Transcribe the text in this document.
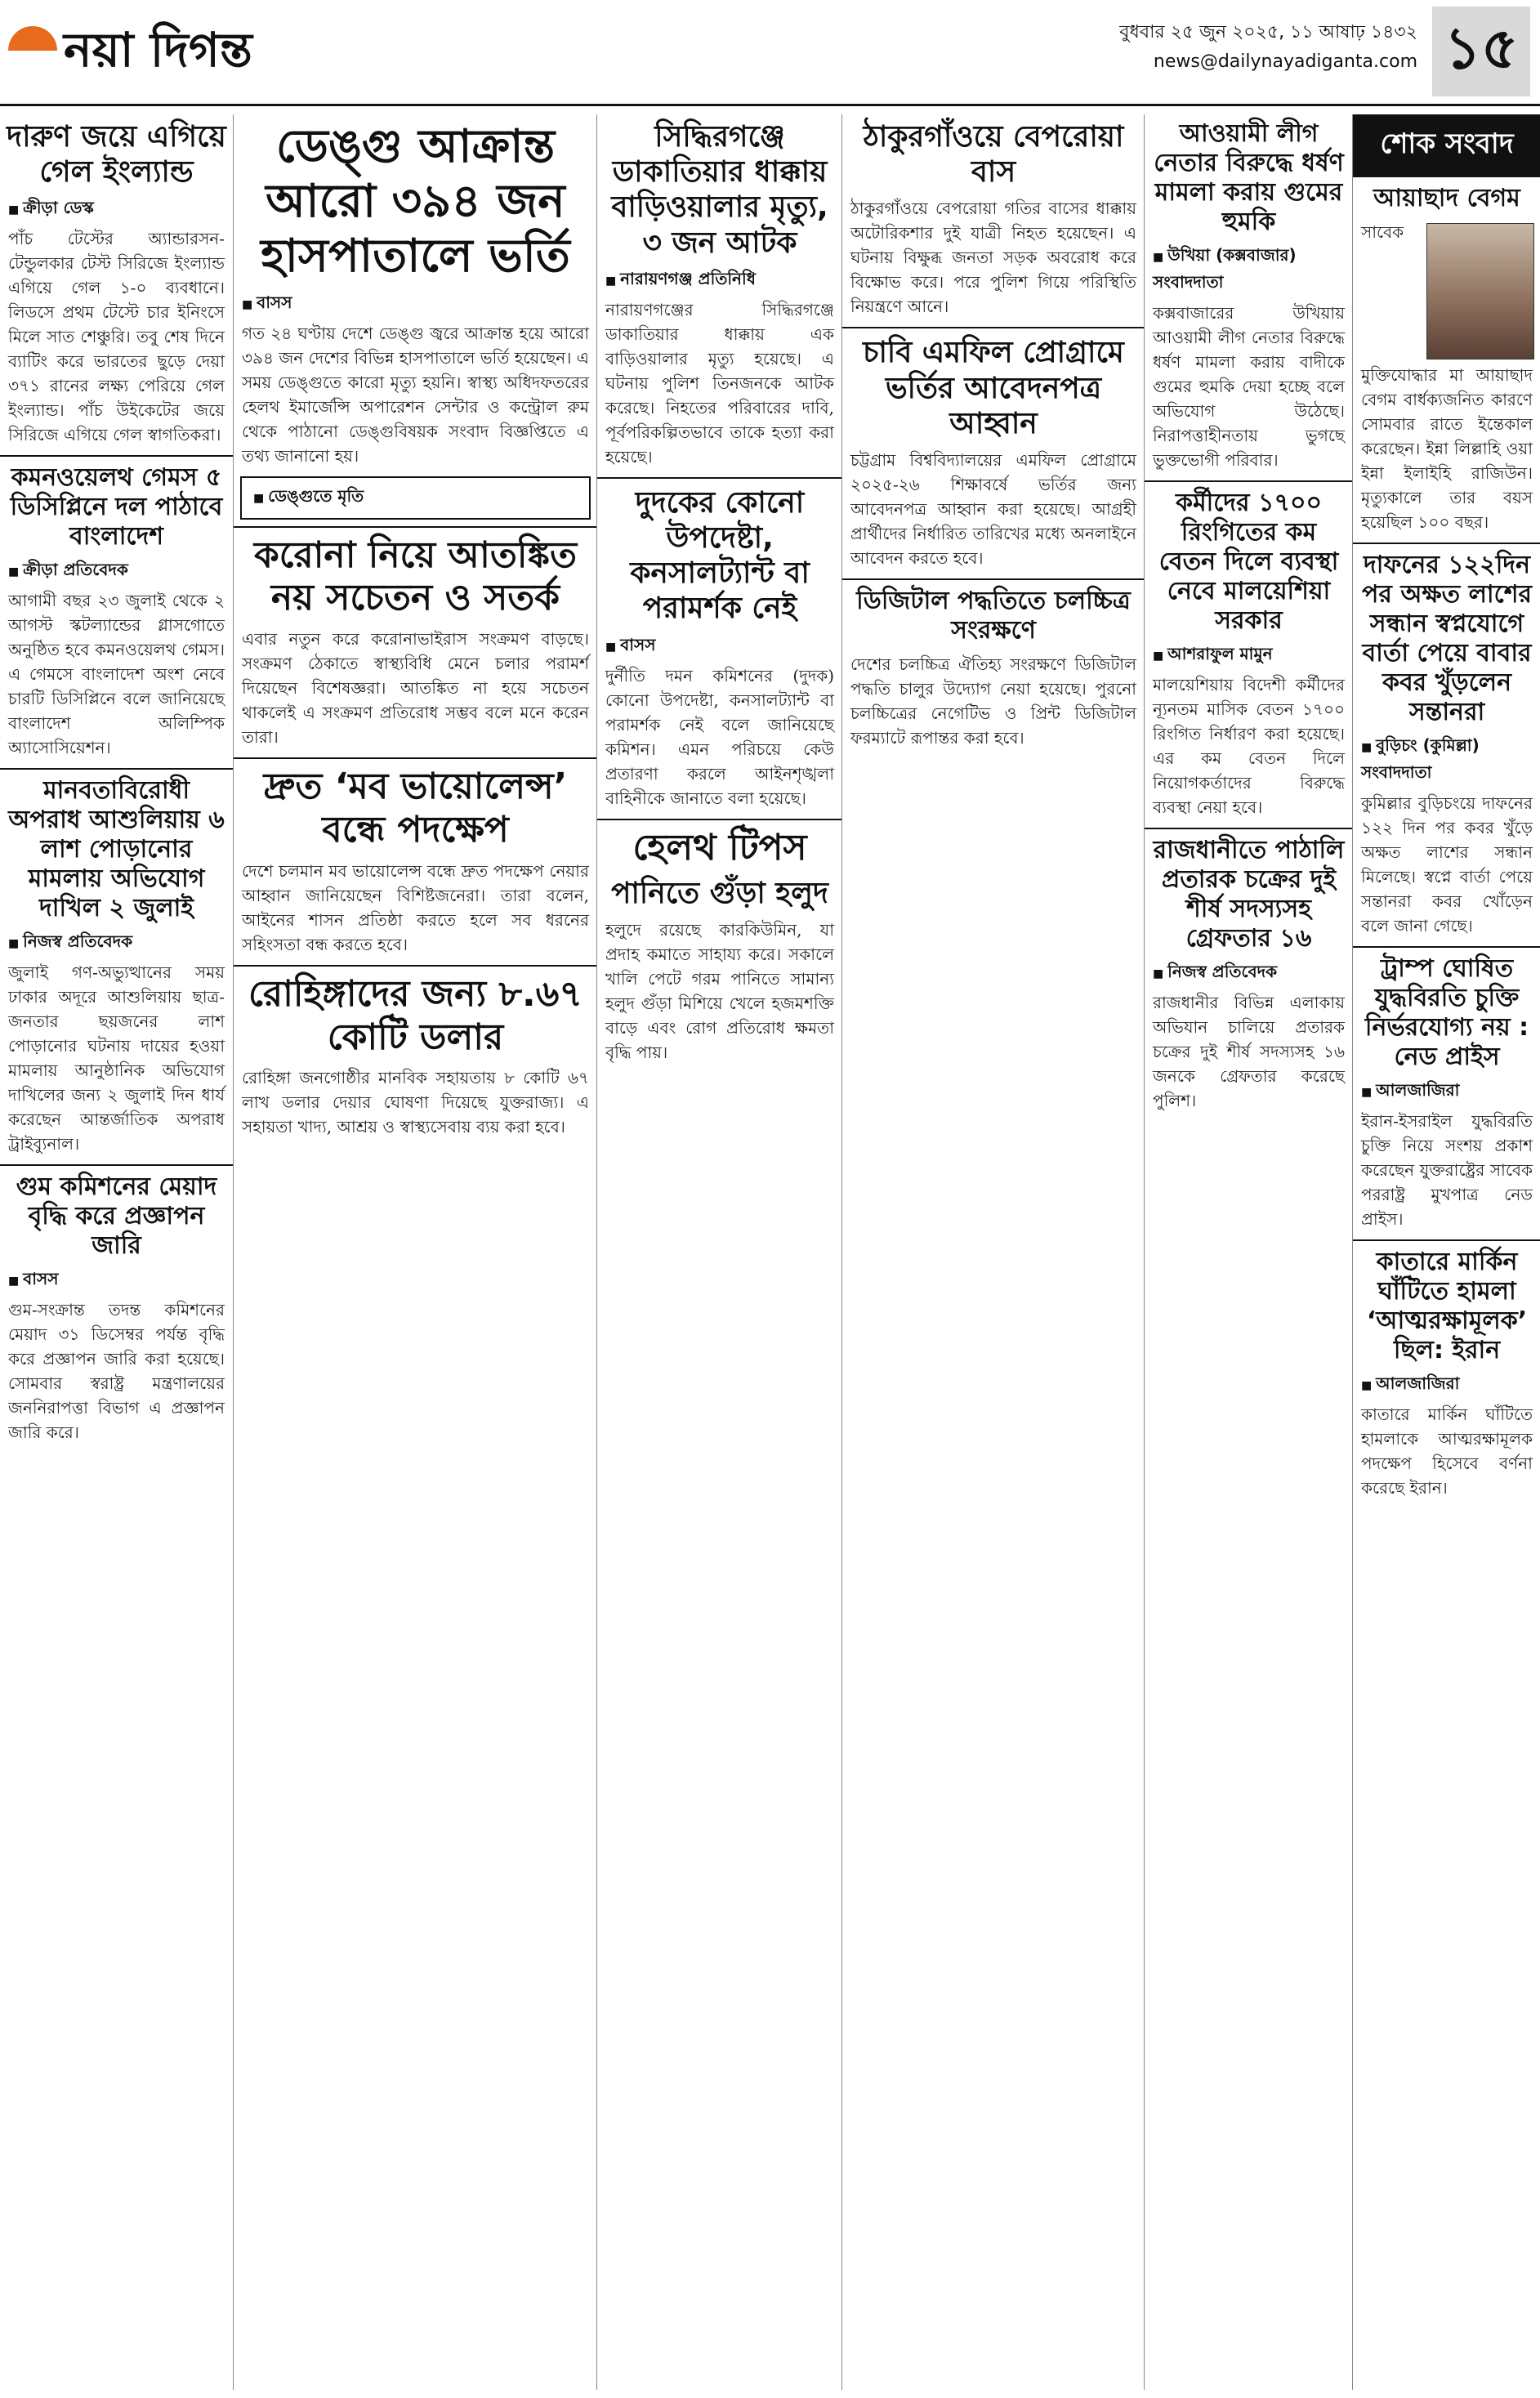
নয়া দিগন্ত	বুধবার ২৫ জুন ২০২৫, ১১ আষাঢ় ১৪৩২
news@dailynayadiganta.com ১৫
দারুণ জয়ে এগিয়ে গেল ইংল্যান্ড
■ ক্রীড়া ডেস্ক
পাঁচ টেস্টের অ্যান্ডারসন-টেন্ডুলকার টেস্ট সিরিজে ইংল্যান্ড এগিয়ে গেল ১-০ ব্যবধানে। লিডসে প্রথম টেস্টে চার ইনিংসে মিলে সাত শেঞ্চুরি। তবু শেষ দিনে ব্যাটিং করে ভারতের ছুড়ে দেয়া ৩৭১ রানের লক্ষ্য পেরিয়ে গেল ইংল্যান্ড। পাঁচ উইকেটের জয়ে সিরিজে এগিয়ে গেল স্বাগতিকরা।
কমনওয়েলথ গেমস ৫ ডিসিপ্লিনে দল পাঠাবে বাংলাদেশ
■ ক্রীড়া প্রতিবেদক
আগামী বছর ২৩ জুলাই থেকে ২ আগস্ট স্কটল্যান্ডের গ্লাসগোতে অনুষ্ঠিত হবে কমনওয়েলথ গেমস। এ গেমসে বাংলাদেশ অংশ নেবে চারটি ডিসিপ্লিনে বলে জানিয়েছে বাংলাদেশ অলিম্পিক অ্যাসোসিয়েশন।
মানবতাবিরোধী অপরাধ আশুলিয়ায় ৬ লাশ পোড়ানোর মামলায় অভিযোগ দাখিল ২ জুলাই
■ নিজস্ব প্রতিবেদক
জুলাই গণ-অভ্যুত্থানের সময় ঢাকার অদূরে আশুলিয়ায় ছাত্র-জনতার ছয়জনের লাশ পোড়ানোর ঘটনায় দায়ের হওয়া মামলায় আনুষ্ঠানিক অভিযোগ দাখিলের জন্য ২ জুলাই দিন ধার্য করেছেন আন্তর্জাতিক অপরাধ ট্রাইব্যুনাল।
গুম কমিশনের মেয়াদ বৃদ্ধি করে প্রজ্ঞাপন জারি
■ বাসস
গুম-সংক্রান্ত তদন্ত কমিশনের মেয়াদ ৩১ ডিসেম্বর পর্যন্ত বৃদ্ধি করে প্রজ্ঞাপন জারি করা হয়েছে। সোমবার স্বরাষ্ট্র মন্ত্রণালয়ের জননিরাপত্তা বিভাগ এ প্রজ্ঞাপন জারি করে।
ডেঙ্গু আক্রান্ত আরো ৩৯৪ জন হাসপাতালে ভর্তি
■ বাসস
গত ২৪ ঘণ্টায় দেশে ডেঙ্গু জ্বরে আক্রান্ত হয়ে আরো ৩৯৪ জন দেশের বিভিন্ন হাসপাতালে ভর্তি হয়েছেন। এ সময় ডেঙ্গুতে কারো মৃত্যু হয়নি। স্বাস্থ্য অধিদফতরের হেলথ ইমার্জেন্সি অপারেশন সেন্টার ও কন্ট্রোল রুম থেকে পাঠানো ডেঙ্গুবিষয়ক সংবাদ বিজ্ঞপ্তিতে এ তথ্য জানানো হয়।
■ ডেঙ্গুতে মৃতি
করোনা নিয়ে আতঙ্কিত নয় সচেতন ও সতর্ক
এবার নতুন করে করোনাভাইরাস সংক্রমণ বাড়ছে। সংক্রমণ ঠেকাতে স্বাস্থ্যবিধি মেনে চলার পরামর্শ দিয়েছেন বিশেষজ্ঞরা। আতঙ্কিত না হয়ে সচেতন থাকলেই এ সংক্রমণ প্রতিরোধ সম্ভব বলে মনে করেন তারা।
দ্রুত ‘মব ভায়োলেন্স’ বন্ধে পদক্ষেপ
দেশে চলমান মব ভায়োলেন্স বন্ধে দ্রুত পদক্ষেপ নেয়ার আহ্বান জানিয়েছেন বিশিষ্টজনেরা। তারা বলেন, আইনের শাসন প্রতিষ্ঠা করতে হলে সব ধরনের সহিংসতা বন্ধ করতে হবে।
রোহিঙ্গাদের জন্য ৮.৬৭ কোটি ডলার
রোহিঙ্গা জনগোষ্ঠীর মানবিক সহায়তায় ৮ কোটি ৬৭ লাখ ডলার দেয়ার ঘোষণা দিয়েছে যুক্তরাজ্য। এ সহায়তা খাদ্য, আশ্রয় ও স্বাস্থ্যসেবায় ব্যয় করা হবে।
সিদ্ধিরগঞ্জে ডাকাতিয়ার ধাক্কায় বাড়িওয়ালার মৃত্যু, ৩ জন আটক
■ নারায়ণগঞ্জ প্রতিনিধি
নারায়ণগঞ্জের সিদ্ধিরগঞ্জে ডাকাতিয়ার ধাক্কায় এক বাড়িওয়ালার মৃত্যু হয়েছে। এ ঘটনায় পুলিশ তিনজনকে আটক করেছে। নিহতের পরিবারের দাবি, পূর্বপরিকল্পিতভাবে তাকে হত্যা করা হয়েছে।
দুদকের কোনো উপদেষ্টা, কনসালট্যান্ট বা পরামর্শক নেই
■ বাসস
দুর্নীতি দমন কমিশনের (দুদক) কোনো উপদেষ্টা, কনসালট্যান্ট বা পরামর্শক নেই বলে জানিয়েছে কমিশন। এমন পরিচয়ে কেউ প্রতারণা করলে আইনশৃঙ্খলা বাহিনীকে জানাতে বলা হয়েছে।
হেলথ টিপস
পানিতে গুঁড়া হলুদ
হলুদে রয়েছে কারকিউমিন, যা প্রদাহ কমাতে সাহায্য করে। সকালে খালি পেটে গরম পানিতে সামান্য হলুদ গুঁড়া মিশিয়ে খেলে হজমশক্তি বাড়ে এবং রোগ প্রতিরোধ ক্ষমতা বৃদ্ধি পায়।
ঠাকুরগাঁওয়ে বেপরোয়া বাস
ঠাকুরগাঁওয়ে বেপরোয়া গতির বাসের ধাক্কায় অটোরিকশার দুই যাত্রী নিহত হয়েছেন। এ ঘটনায় বিক্ষুব্ধ জনতা সড়ক অবরোধ করে বিক্ষোভ করে। পরে পুলিশ গিয়ে পরিস্থিতি নিয়ন্ত্রণে আনে।
চাবি এমফিল প্রোগ্রামে ভর্তির আবেদনপত্র আহ্বান
চট্টগ্রাম বিশ্ববিদ্যালয়ের এমফিল প্রোগ্রামে ২০২৫-২৬ শিক্ষাবর্ষে ভর্তির জন্য আবেদনপত্র আহ্বান করা হয়েছে। আগ্রহী প্রার্থীদের নির্ধারিত তারিখের মধ্যে অনলাইনে আবেদন করতে হবে।
ডিজিটাল পদ্ধতিতে চলচ্চিত্র সংরক্ষণে
দেশের চলচ্চিত্র ঐতিহ্য সংরক্ষণে ডিজিটাল পদ্ধতি চালুর উদ্যোগ নেয়া হয়েছে। পুরনো চলচ্চিত্রের নেগেটিভ ও প্রিন্ট ডিজিটাল ফরম্যাটে রূপান্তর করা হবে।
আওয়ামী লীগ নেতার বিরুদ্ধে ধর্ষণ মামলা করায় গুমের হুমকি
■ উখিয়া (কক্সবাজার) সংবাদদাতা
কক্সবাজারের উখিয়ায় আওয়ামী লীগ নেতার বিরুদ্ধে ধর্ষণ মামলা করায় বাদীকে গুমের হুমকি দেয়া হচ্ছে বলে অভিযোগ উঠেছে। নিরাপত্তাহীনতায় ভুগছে ভুক্তভোগী পরিবার।
কর্মীদের ১৭০০ রিংগিতের কম বেতন দিলে ব্যবস্থা নেবে মালয়েশিয়া সরকার
■ আশরাফুল মামুন
মালয়েশিয়ায় বিদেশী কর্মীদের ন্যূনতম মাসিক বেতন ১৭০০ রিংগিত নির্ধারণ করা হয়েছে। এর কম বেতন দিলে নিয়োগকর্তাদের বিরুদ্ধে ব্যবস্থা নেয়া হবে।
রাজধানীতে পাঠালি প্রতারক চক্রের দুই শীর্ষ সদস্যসহ গ্রেফতার ১৬
■ নিজস্ব প্রতিবেদক
রাজধানীর বিভিন্ন এলাকায় অভিযান চালিয়ে প্রতারক চক্রের দুই শীর্ষ সদস্যসহ ১৬ জনকে গ্রেফতার করেছে পুলিশ।
শোক সংবাদ
আয়াছাদ বেগম
সাবেক মুক্তিযোদ্ধার মা আয়াছাদ বেগম বার্ধক্যজনিত কারণে সোমবার রাতে ইন্তেকাল করেছেন। ইন্না লিল্লাহি ওয়া ইন্না ইলাইহি রাজিউন। মৃত্যুকালে তার বয়স হয়েছিল ১০০ বছর।
দাফনের ১২২দিন পর অক্ষত লাশের সন্ধান স্বপ্নযোগে বার্তা পেয়ে বাবার কবর খুঁড়লেন সন্তানরা
■ বুড়িচং (কুমিল্লা) সংবাদদাতা
কুমিল্লার বুড়িচংয়ে দাফনের ১২২ দিন পর কবর খুঁড়ে অক্ষত লাশের সন্ধান মিলেছে। স্বপ্নে বার্তা পেয়ে সন্তানরা কবর খোঁড়েন বলে জানা গেছে।
ট্রাম্প ঘোষিত যুদ্ধবিরতি চুক্তি নির্ভরযোগ্য নয় : নেড প্রাইস
■ আলজাজিরা
ইরান-ইসরাইল যুদ্ধবিরতি চুক্তি নিয়ে সংশয় প্রকাশ করেছেন যুক্তরাষ্ট্রের সাবেক পররাষ্ট্র মুখপাত্র নেড প্রাইস।
কাতারে মার্কিন ঘাঁটিতে হামলা ‘আত্মরক্ষামূলক’ ছিল: ইরান
■ আলজাজিরা
কাতারে মার্কিন ঘাঁটিতে হামলাকে আত্মরক্ষামূলক পদক্ষেপ হিসেবে বর্ণনা করেছে ইরান।
